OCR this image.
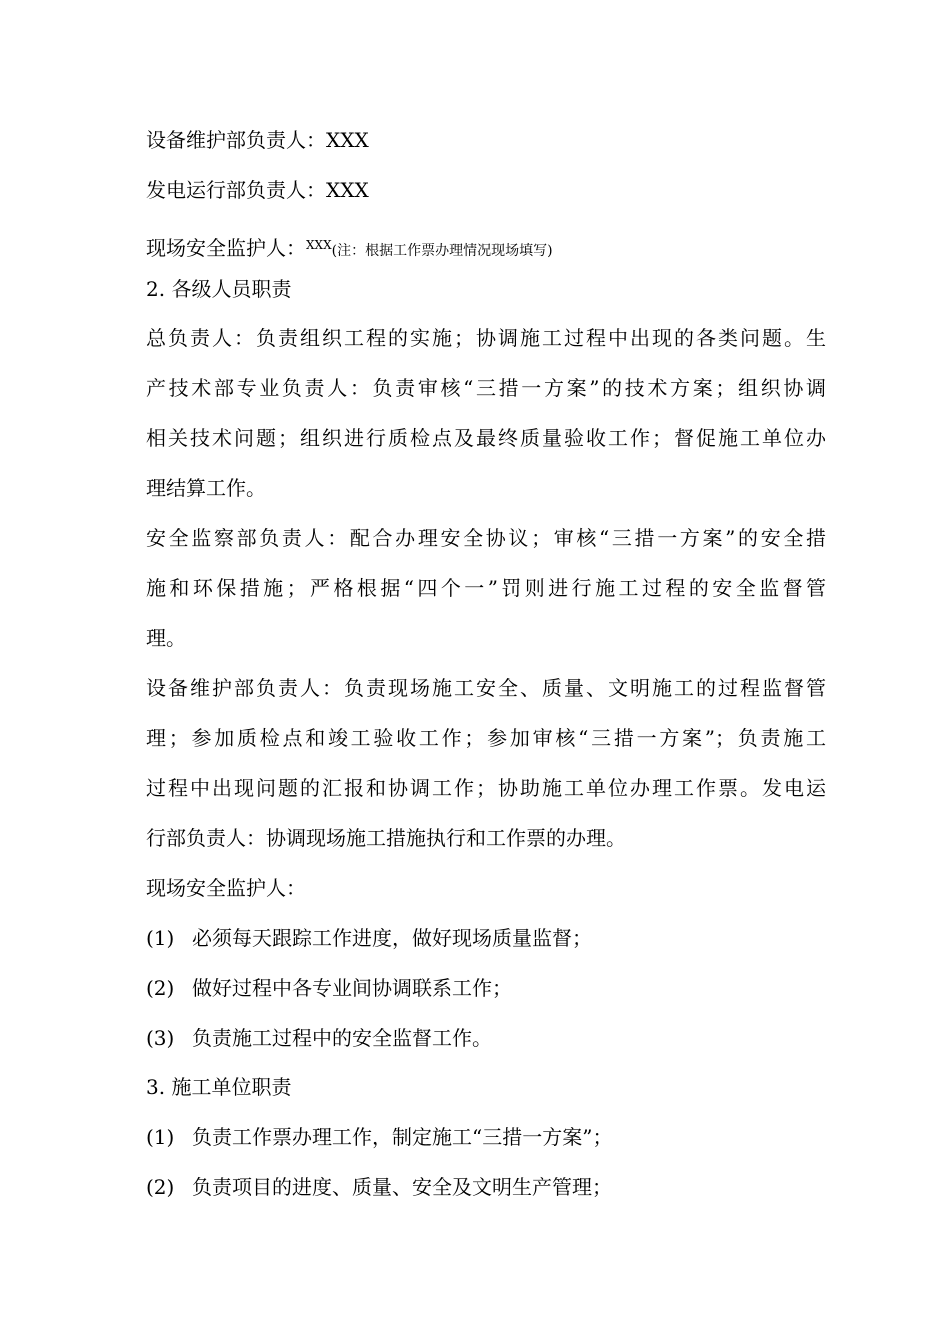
设备维护部负责人：XXX
发电运行部负责人：XXX
现场安全监护人：$^{XXX}$(注：根据工作票办理情况现场填写)
2. 各级人员职责
总负责人：负责组织工程的实施；协调施工过程中出现的各类问题。生
产技术部专业负责人：负责审核“三措一方案”的技术方案；组织协调
相关技术问题；组织进行质检点及最终质量验收工作；督促施工单位办
理结算工作。
安全监察部负责人：配合办理安全协议；审核“三措一方案”的安全措
施和环保措施；严格根据“四个一”罚则进行施工过程的安全监督管
理。
设备维护部负责人：负责现场施工安全、质量、文明施工的过程监督管
理；参加质检点和竣工验收工作；参加审核“三措一方案”；负责施工
过程中出现问题的汇报和协调工作；协助施工单位办理工作票。发电运
行部负责人：协调现场施工措施执行和工作票的办理。
现场安全监护人：
(1) 必须每天跟踪工作进度，做好现场质量监督；
(2) 做好过程中各专业间协调联系工作；
(3) 负责施工过程中的安全监督工作。
3. 施工单位职责
(1) 负责工作票办理工作，制定施工“三措一方案”；
(2) 负责项目的进度、质量、安全及文明生产管理；
